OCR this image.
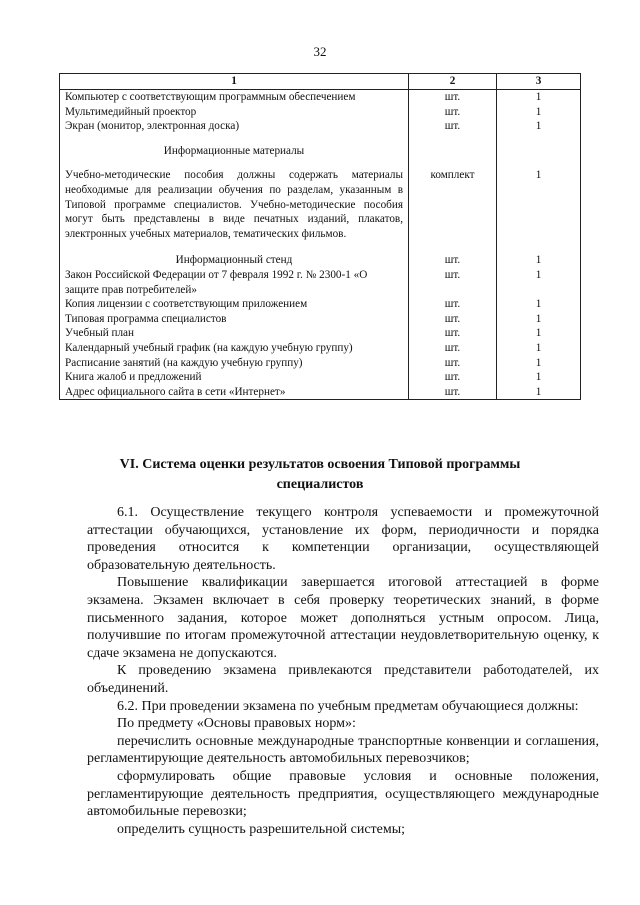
32
1	2	3
Компьютер с соответствующим программным обеспечением	шт.	1
Мультимедийный проектор	шт.	1
Экран (монитор, электронная доска)	шт.	1
Информационные материалы		
Учебно-методические пособия должны содержать материалы необходимые для реализации обучения по разделам, указанным в Типовой программе специалистов. Учебно-методические пособия могут быть представлены в виде печатных изданий, плакатов, электронных учебных материалов, тематических фильмов.	комплект	1

Информационный стенд	шт.	1
Закон Российской Федерации от 7 февраля 1992 г. № 2300-1 «О защите прав потребителей»	шт.	1
Копия лицензии с соответствующим приложением	шт.	1
Типовая программа специалистов	шт.	1
Учебный план	шт.	1
Календарный учебный график (на каждую учебную группу)	шт.	1
Расписание занятий (на каждую учебную группу)	шт.	1
Книга жалоб и предложений	шт.	1
Адрес официального сайта в сети «Интернет»	шт.	1
VI. Система оценки результатов освоения Типовой программы
специалистов

6.1. Осуществление текущего контроля успеваемости и промежуточной аттестации обучающихся, установление их форм, периодичности и порядка проведения относится к компетенции организации, осуществляющей образовательную деятельность.

Повышение квалификации завершается итоговой аттестацией в форме экзамена. Экзамен включает в себя проверку теоретических знаний, в форме письменного задания, которое может дополняться устным опросом. Лица, получившие по итогам промежуточной аттестации неудовлетворительную оценку, к сдаче экзамена не допускаются.

К проведению экзамена привлекаются представители работодателей, их объединений.

6.2. При проведении экзамена по учебным предметам обучающиеся должны:

По предмету «Основы правовых норм»:

перечислить основные международные транспортные конвенции и соглашения, регламентирующие деятельность автомобильных перевозчиков;

сформулировать общие правовые условия и основные положения, регламентирующие деятельность предприятия, осуществляющего международные автомобильные перевозки;

определить сущность разрешительной системы;
